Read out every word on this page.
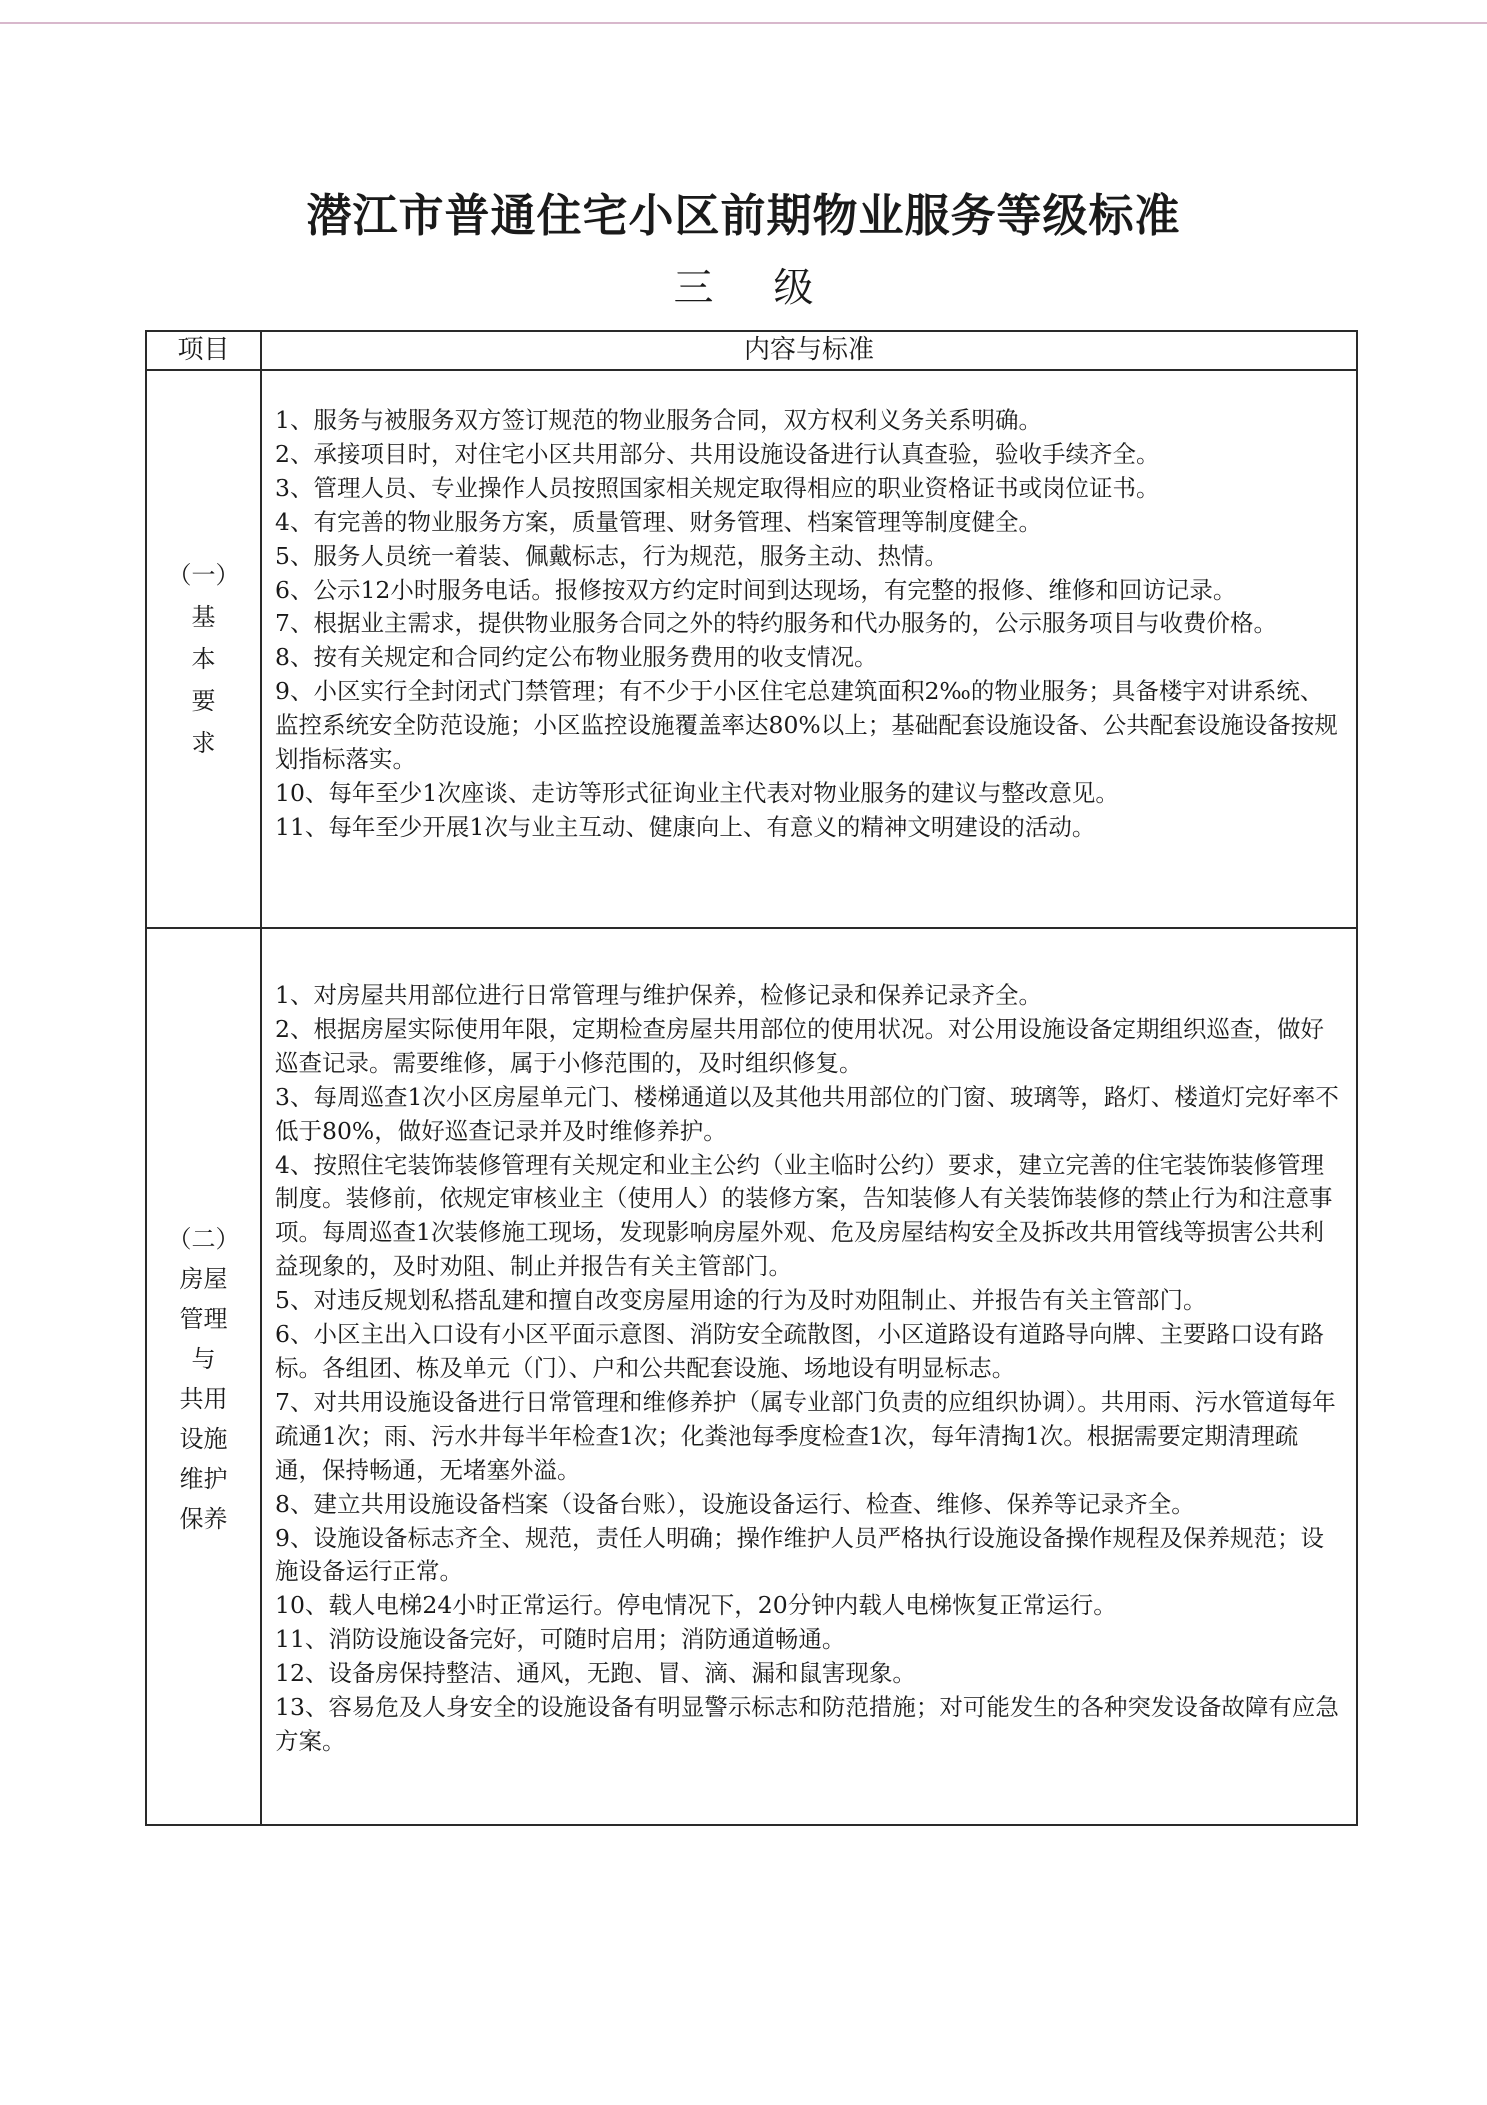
潜江市普通住宅小区前期物业服务等级标准
三级
项目	内容与标准
（一）
基
本
要
求
1、服务与被服务双方签订规范的物业服务合同，双方权利义务关系明确。
2、承接项目时，对住宅小区共用部分、共用设施设备进行认真查验，验收手续齐全。
3、管理人员、专业操作人员按照国家相关规定取得相应的职业资格证书或岗位证书。
4、有完善的物业服务方案，质量管理、财务管理、档案管理等制度健全。
5、服务人员统一着装、佩戴标志，行为规范，服务主动、热情。
6、公示12小时服务电话。报修按双方约定时间到达现场，有完整的报修、维修和回访记录。
7、根据业主需求，提供物业服务合同之外的特约服务和代办服务的，公示服务项目与收费价格。
8、按有关规定和合同约定公布物业服务费用的收支情况。
9、小区实行全封闭式门禁管理；有不少于小区住宅总建筑面积2‰的物业服务；具备楼宇对讲系统、监控系统安全防范设施；小区监控设施覆盖率达80%以上；基础配套设施设备、公共配套设施设备按规划指标落实。
10、每年至少1次座谈、走访等形式征询业主代表对物业服务的建议与整改意见。
11、每年至少开展1次与业主互动、健康向上、有意义的精神文明建设的活动。
（二）
房屋
管理
与
共用
设施
维护
保养
1、对房屋共用部位进行日常管理与维护保养，检修记录和保养记录齐全。
2、根据房屋实际使用年限，定期检查房屋共用部位的使用状况。对公用设施设备定期组织巡查，做好巡查记录。需要维修，属于小修范围的，及时组织修复。
3、每周巡查1次小区房屋单元门、楼梯通道以及其他共用部位的门窗、玻璃等，路灯、楼道灯完好率不低于80%，做好巡查记录并及时维修养护。
4、按照住宅装饰装修管理有关规定和业主公约（业主临时公约）要求，建立完善的住宅装饰装修管理制度。装修前，依规定审核业主（使用人）的装修方案，告知装修人有关装饰装修的禁止行为和注意事项。每周巡查1次装修施工现场，发现影响房屋外观、危及房屋结构安全及拆改共用管线等损害公共利益现象的，及时劝阻、制止并报告有关主管部门。
5、对违反规划私搭乱建和擅自改变房屋用途的行为及时劝阻制止、并报告有关主管部门。
6、小区主出入口设有小区平面示意图、消防安全疏散图，小区道路设有道路导向牌、主要路口设有路标。各组团、栋及单元（门）、户和公共配套设施、场地设有明显标志。
7、对共用设施设备进行日常管理和维修养护（属专业部门负责的应组织协调）。共用雨、污水管道每年疏通1次；雨、污水井每半年检查1次；化粪池每季度检查1次，每年清掏1次。根据需要定期清理疏通，保持畅通，无堵塞外溢。
8、建立共用设施设备档案（设备台账），设施设备运行、检查、维修、保养等记录齐全。
9、设施设备标志齐全、规范，责任人明确；操作维护人员严格执行设施设备操作规程及保养规范；设施设备运行正常。
10、载人电梯24小时正常运行。停电情况下，20分钟内载人电梯恢复正常运行。
11、消防设施设备完好，可随时启用；消防通道畅通。
12、设备房保持整洁、通风，无跑、冒、滴、漏和鼠害现象。
13、容易危及人身安全的设施设备有明显警示标志和防范措施；对可能发生的各种突发设备故障有应急方案。
